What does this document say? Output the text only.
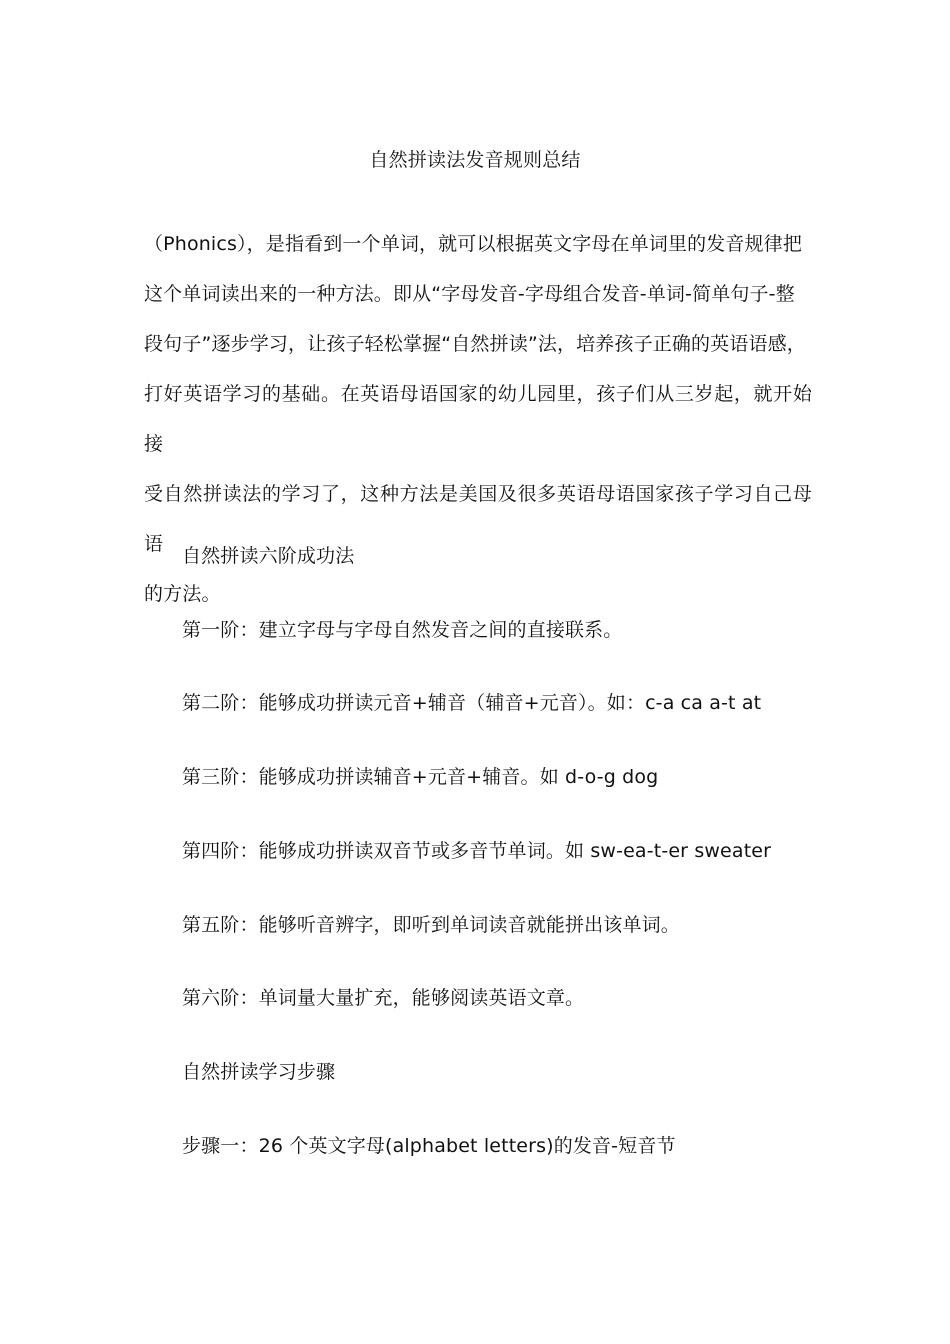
自然拼读法发音规则总结
（Phonics），是指看到一个单词，就可以根据英文字母在单词里的发音规律把
这个单词读出来的一种方法。即从“字母发音-字母组合发音-单词-简单句子-整
段句子”逐步学习，让孩子轻松掌握“自然拼读”法，培养孩子正确的英语语感，
打好英语学习的基础。在英语母语国家的幼儿园里，孩子们从三岁起，就开始接
受自然拼读法的学习了，这种方法是美国及很多英语母语国家孩子学习自己母语
的方法。

自然拼读六阶成功法

第一阶：建立字母与字母自然发音之间的直接联系。

第二阶：能够成功拼读元音+辅音（辅音+元音）。如：c-a ca a-t at

第三阶：能够成功拼读辅音+元音+辅音。如 d-o-g dog

第四阶：能够成功拼读双音节或多音节单词。如 sw-ea-t-er sweater

第五阶：能够听音辨字，即听到单词读音就能拼出该单词。

第六阶：单词量大量扩充，能够阅读英语文章。

自然拼读学习步骤

步骤一：26 个英文字母(alphabet letters)的发音-短音节
